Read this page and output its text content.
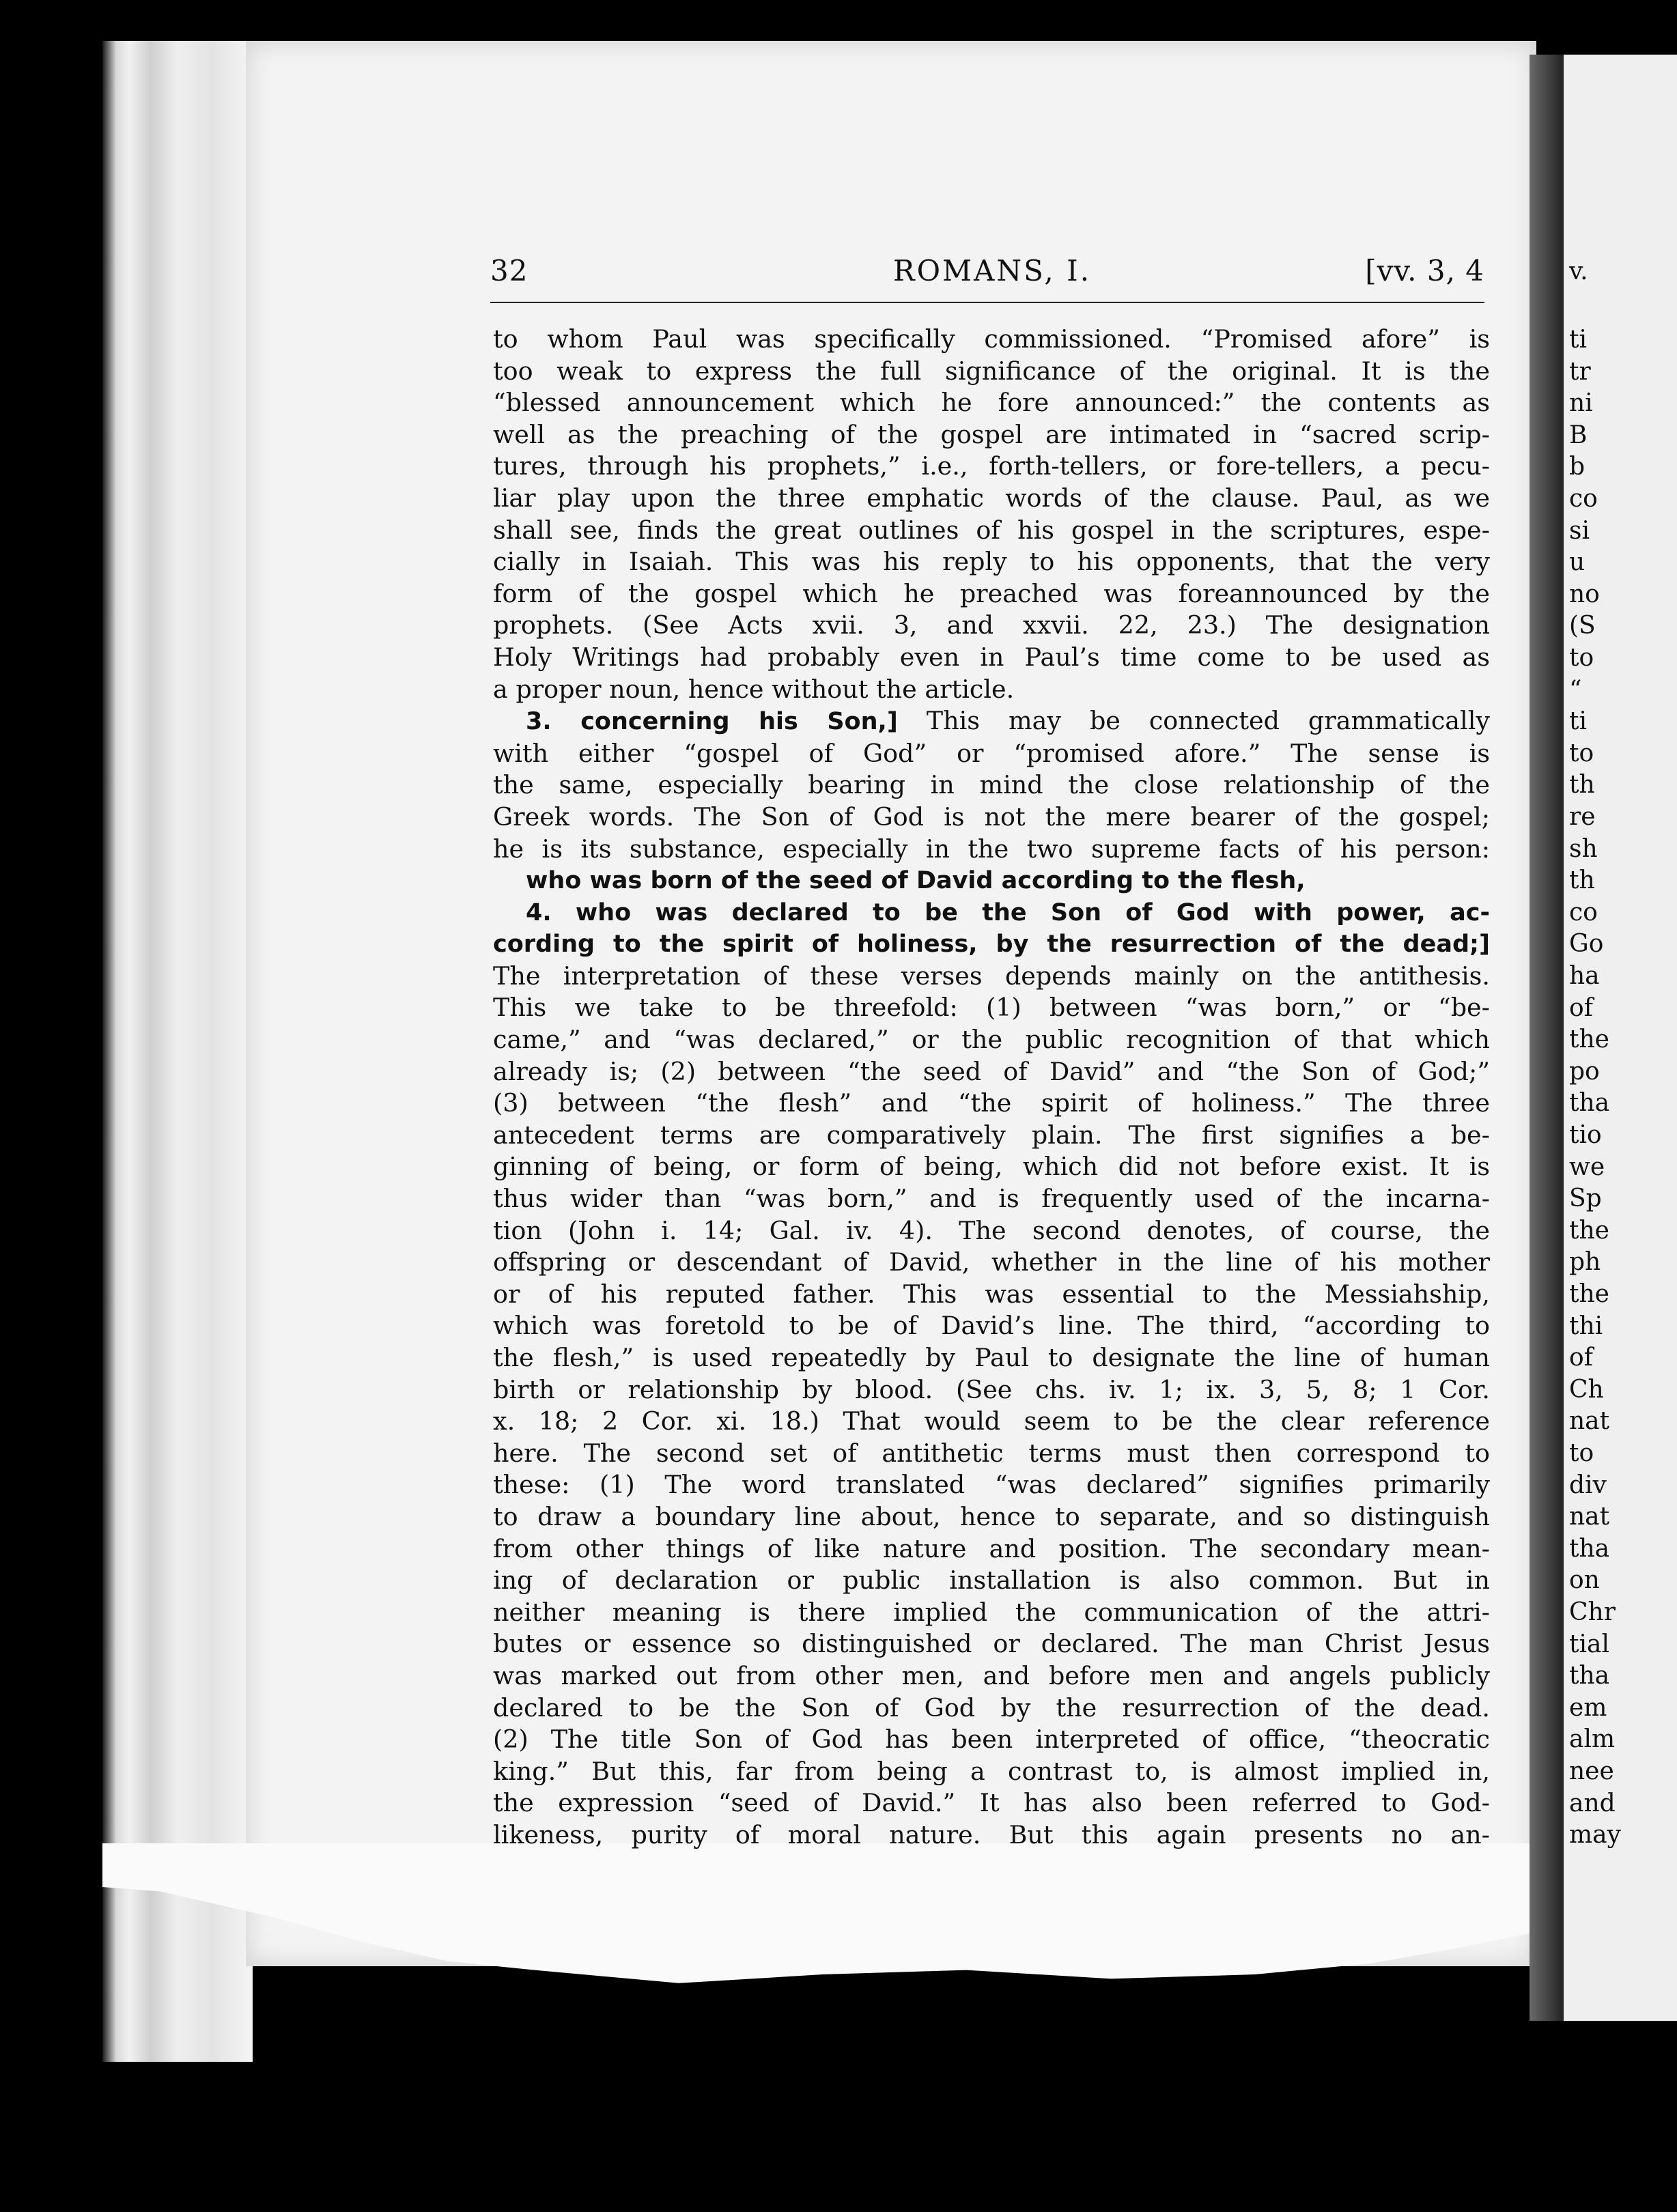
v.
ti
tr
ni
B
b
co
si
u
no
(S
to
“
ti
to
th
re
sh
th
co
Go
ha
of
the
po
tha
tio
we
Sp
the
ph
the
thi
of
Ch
nat
to
div
nat
tha
on
Chr
tial
tha
em
alm
nee
and
may
32	ROMANS, I.	[vv. 3, 4
to whom Paul was specifically commissioned. “Promised afore” is
too weak to express the full significance of the original. It is the
“blessed announcement which he fore announced:” the contents as
well as the preaching of the gospel are intimated in “sacred scrip-
tures, through his prophets,” i.e., forth-tellers, or fore-tellers, a pecu-
liar play upon the three emphatic words of the clause. Paul, as we
shall see, finds the great outlines of his gospel in the scriptures, espe-
cially in Isaiah. This was his reply to his opponents, that the very
form of the gospel which he preached was foreannounced by the
prophets. (See Acts xvii. 3, and xxvii. 22, 23.) The designation
Holy Writings had probably even in Paul’s time come to be used as
a proper noun, hence without the article.
3. concerning his Son,] This may be connected grammatically
with either “gospel of God” or “promised afore.” The sense is
the same, especially bearing in mind the close relationship of the
Greek words. The Son of God is not the mere bearer of the gospel;
he is its substance, especially in the two supreme facts of his person:
who was born of the seed of David according to the flesh,
4. who was declared to be the Son of God with power, ac-
cording to the spirit of holiness, by the resurrection of the dead;]
The interpretation of these verses depends mainly on the antithesis.
This we take to be threefold: (1) between “was born,” or “be-
came,” and “was declared,” or the public recognition of that which
already is; (2) between “the seed of David” and “the Son of God;”
(3) between “the flesh” and “the spirit of holiness.” The three
antecedent terms are comparatively plain. The first signifies a be-
ginning of being, or form of being, which did not before exist. It is
thus wider than “was born,” and is frequently used of the incarna-
tion (John i. 14; Gal. iv. 4). The second denotes, of course, the
offspring or descendant of David, whether in the line of his mother
or of his reputed father. This was essential to the Messiahship,
which was foretold to be of David’s line. The third, “according to
the flesh,” is used repeatedly by Paul to designate the line of human
birth or relationship by blood. (See chs. iv. 1; ix. 3, 5, 8; 1 Cor.
x. 18; 2 Cor. xi. 18.) That would seem to be the clear reference
here. The second set of antithetic terms must then correspond to
these: (1) The word translated “was declared” signifies primarily
to draw a boundary line about, hence to separate, and so distinguish
from other things of like nature and position. The secondary mean-
ing of declaration or public installation is also common. But in
neither meaning is there implied the communication of the attri-
butes or essence so distinguished or declared. The man Christ Jesus
was marked out from other men, and before men and angels publicly
declared to be the Son of God by the resurrection of the dead.
(2) The title Son of God has been interpreted of office, “theocratic
king.” But this, far from being a contrast to, is almost implied in,
the expression “seed of David.” It has also been referred to God-
likeness, purity of moral nature. But this again presents no an-
